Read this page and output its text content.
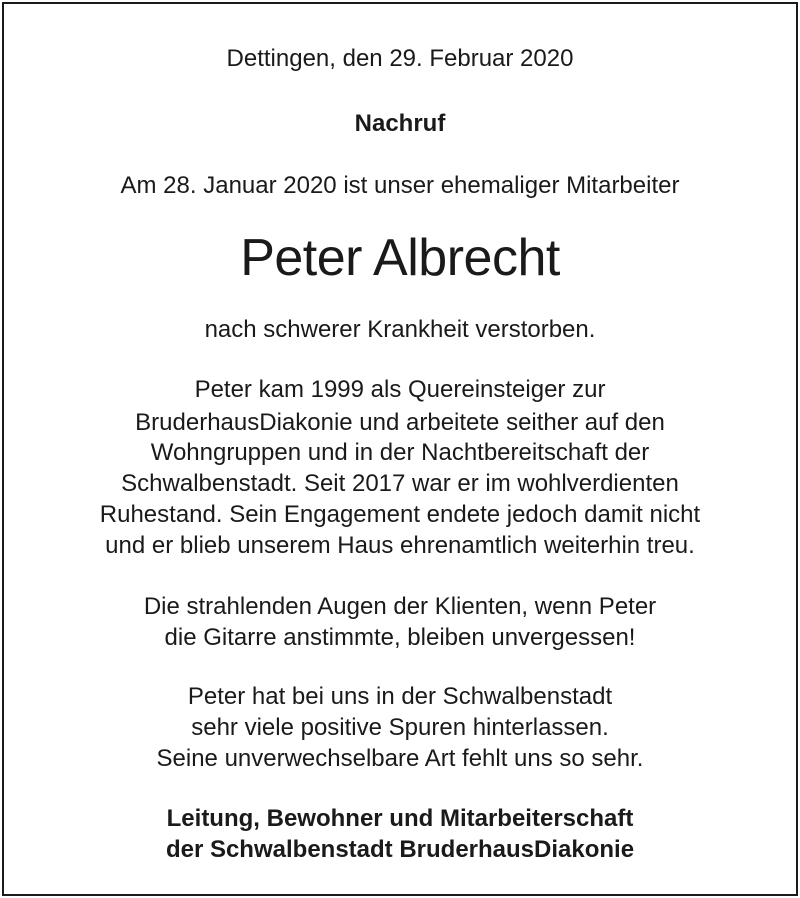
Dettingen, den 29. Februar 2020
Nachruf
Am 28. Januar 2020 ist unser ehemaliger Mitarbeiter
Peter Albrecht
nach schwerer Krankheit verstorben.
Peter kam 1999 als Quereinsteiger zur
BruderhausDiakonie und arbeitete seither auf den
Wohngruppen und in der Nachtbereitschaft der
Schwalbenstadt. Seit 2017 war er im wohlverdienten
Ruhestand. Sein Engagement endete jedoch damit nicht
und er blieb unserem Haus ehrenamtlich weiterhin treu.
Die strahlenden Augen der Klienten, wenn Peter
die Gitarre anstimmte, bleiben unvergessen!
Peter hat bei uns in der Schwalbenstadt
sehr viele positive Spuren hinterlassen.
Seine unverwechselbare Art fehlt uns so sehr.
Leitung, Bewohner und Mitarbeiterschaft
der Schwalbenstadt BruderhausDiakonie
